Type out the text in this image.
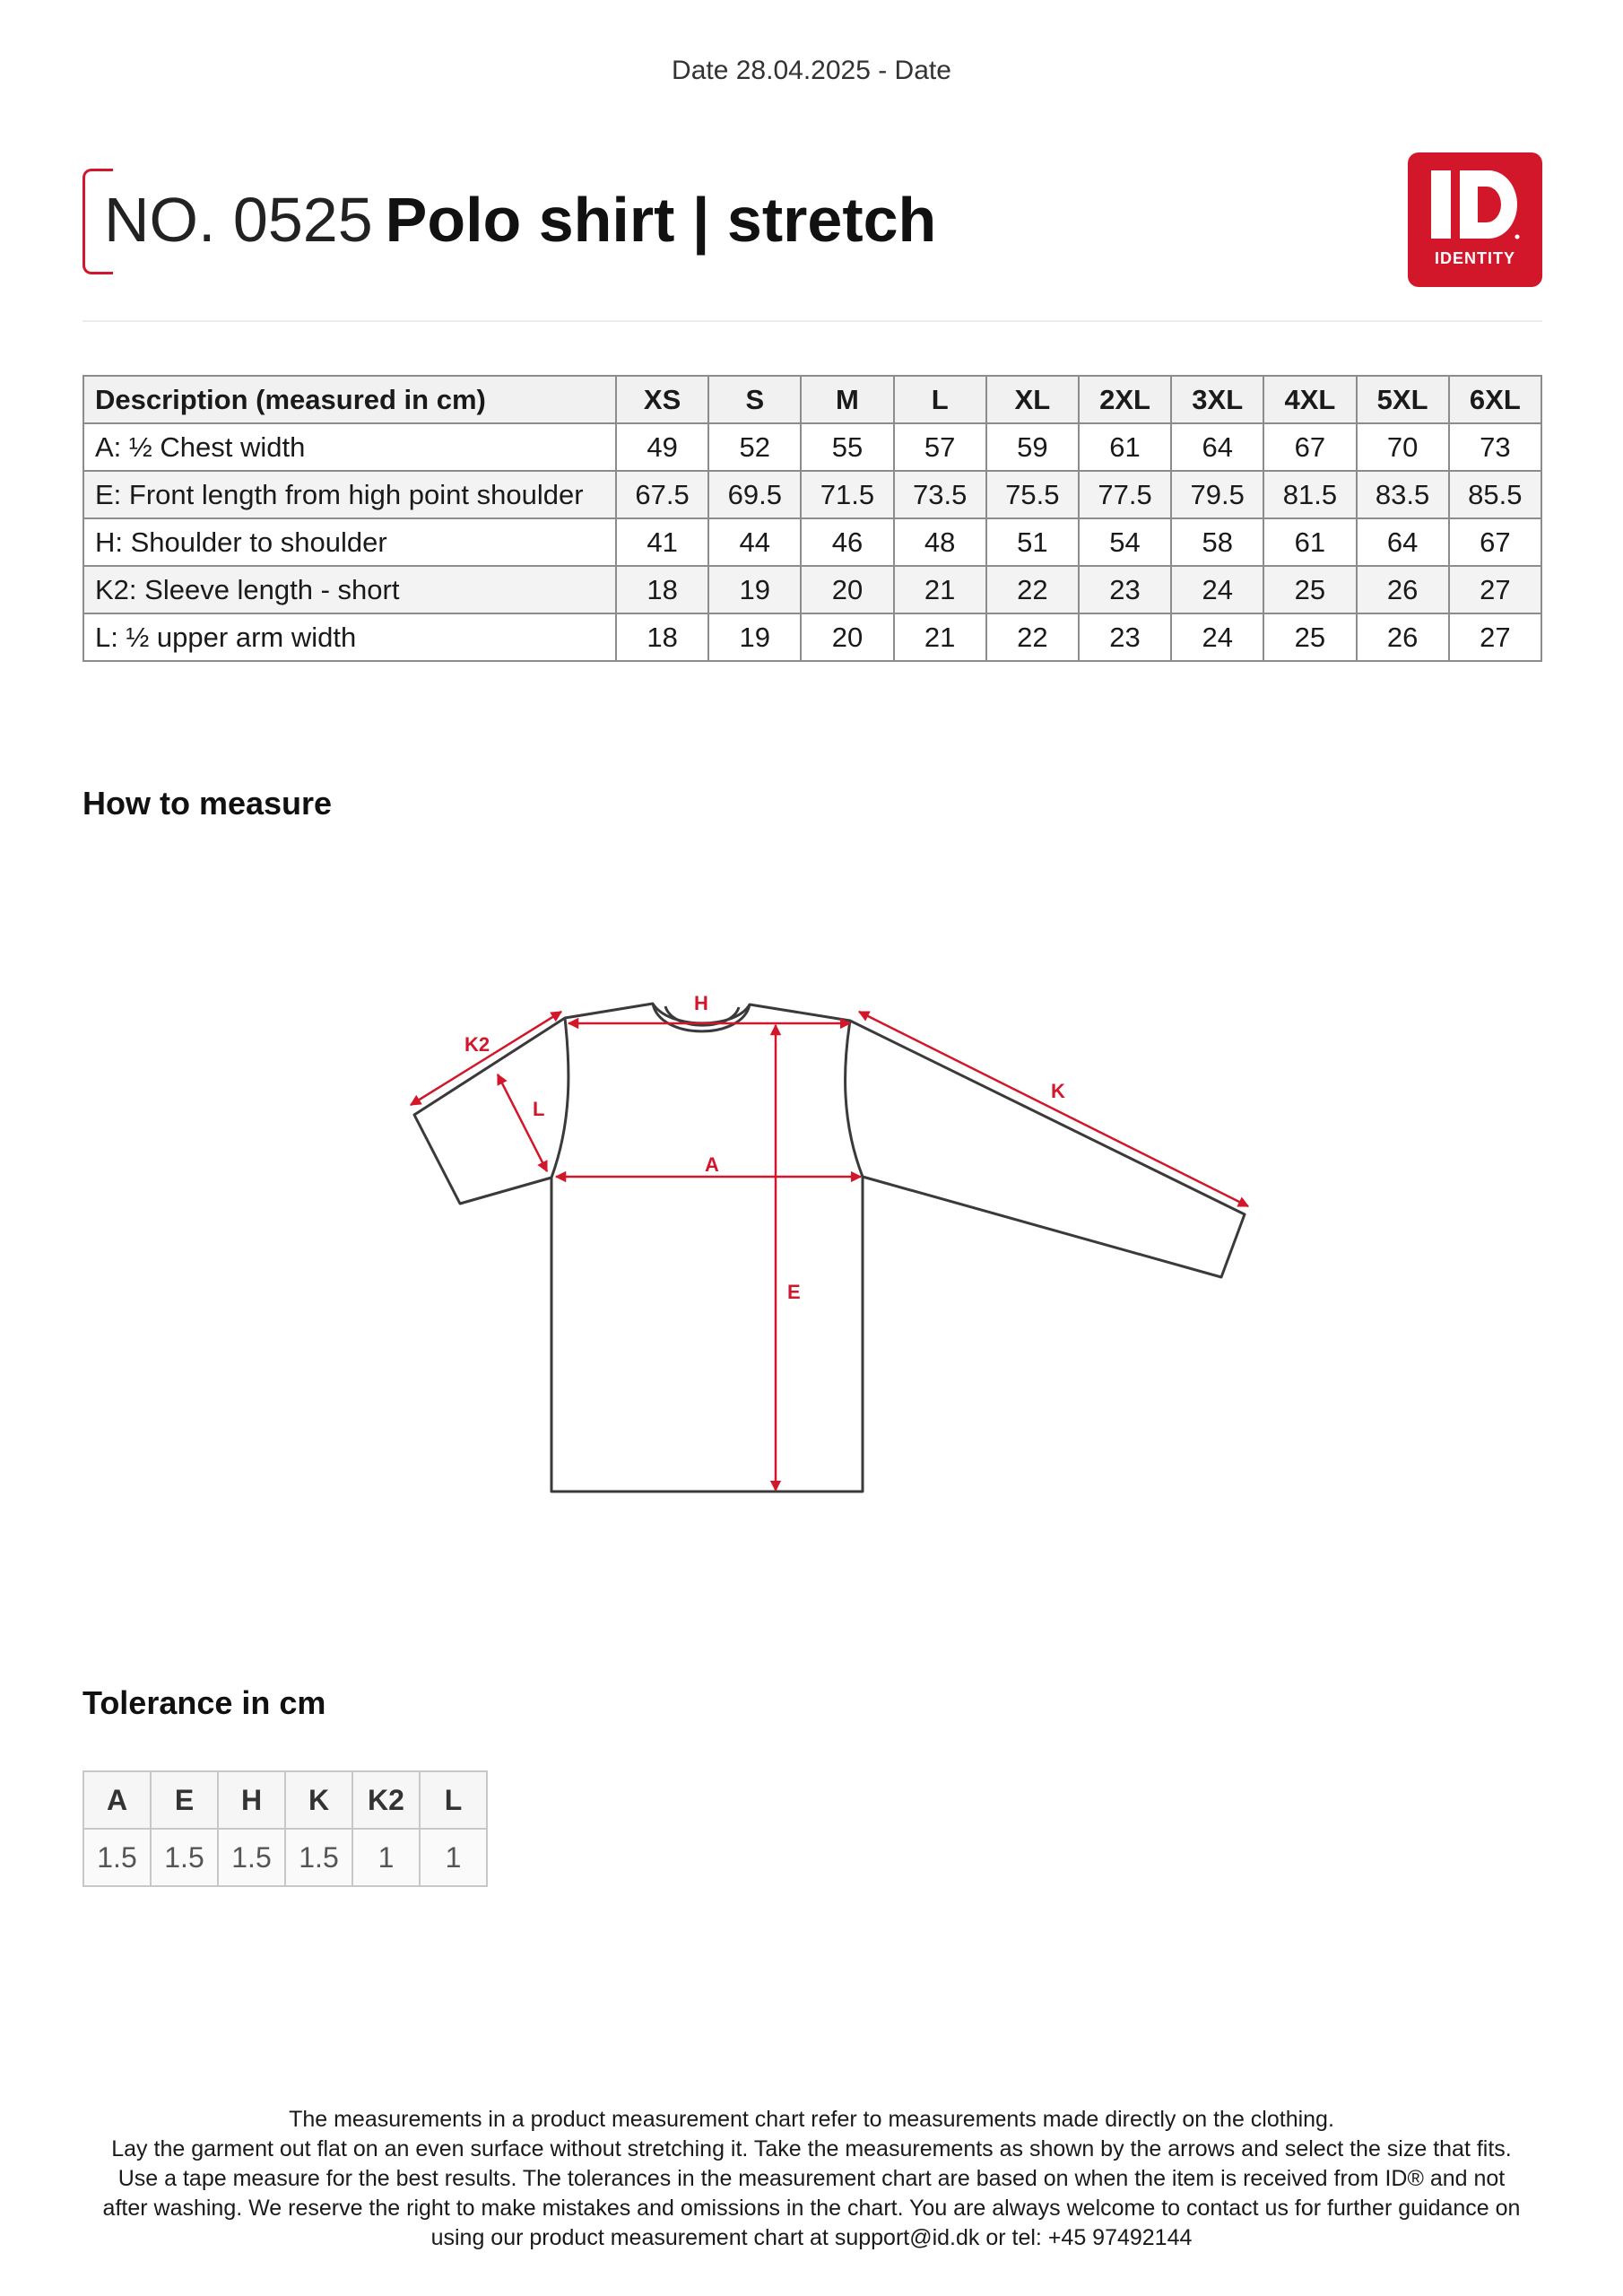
Date 28.04.2025 - Date
NO. 0525 Polo shirt | stretch
IDENTITY
Description (measured in cm)	XS	S	M	L	XL	2XL	3XL	4XL	5XL	6XL
A: ½ Chest width	49	52	55	57	59	61	64	67	70	73
E: Front length from high point shoulder	67.5	69.5	71.5	73.5	75.5	77.5	79.5	81.5	83.5	85.5
H: Shoulder to shoulder	41	44	46	48	51	54	58	61	64	67
K2: Sleeve length - short	18	19	20	21	22	23	24	25	26	27
L: ½ upper arm width	18	19	20	21	22	23	24	25	26	27
How to measure
H
A
E
K2
L
K
Tolerance in cm
A	E	H	K	K2	L
1.5	1.5	1.5	1.5	1	1
The measurements in a product measurement chart refer to measurements made directly on the clothing.
Lay the garment out flat on an even surface without stretching it. Take the measurements as shown by the arrows and select the size that fits.
Use a tape measure for the best results. The tolerances in the measurement chart are based on when the item is received from ID® and not
after washing. We reserve the right to make mistakes and omissions in the chart. You are always welcome to contact us for further guidance on
using our product measurement chart at support@id.dk or tel: +45 97492144
